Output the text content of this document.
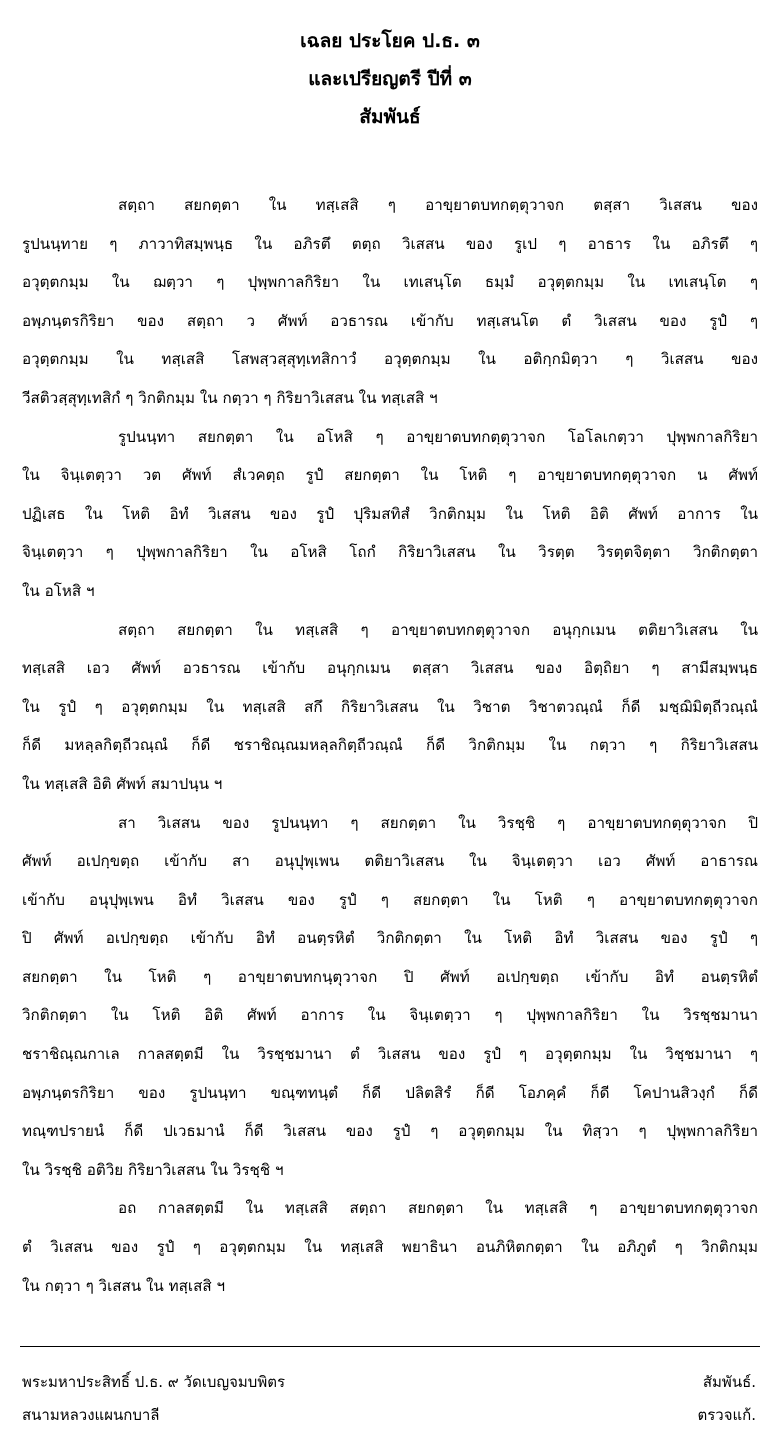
เฉลย ประโยค ป.ธ. ๓
และเปรียญตรี ปีที่ ๓
สัมพันธ์
สตฺถา สยกตฺตา ใน ทสฺเสสิ ๆ อาขฺยาตบทกตฺตุวาจก ตสฺสา วิเสสน ของ
รูปนนฺทาย ๆ ภาวาทิสมฺพนฺธ ใน อภิรตึ ตตฺถ วิเสสน ของ รูเป ๆ อาธาร ใน อภิรตึ ๆ
อวุตฺตกมฺม ใน ฌตฺวา ๆ ปุพฺพกาลกิริยา ใน เทเสนฺโต ธมฺมํ อวุตฺตกมฺม ใน เทเสนฺโต ๆ
อพฺภนฺตรกิริยา ของ สตฺถา ว ศัพท์ อวธารณ เข้ากับ ทสฺเสนโต ตํ วิเสสน ของ รูปํ ๆ
อวุตฺตกมฺม ใน ทสฺเสสิ โสพสฺวสฺสุทฺเทสิกาวํ อวุตฺตกมฺม ใน อติกฺกมิตฺวา ๆ วิเสสน ของ
วีสติวสฺสุทฺเทสิกํ ๆ วิกติกมฺม ใน กตฺวา ๆ กิริยาวิเสสน ใน ทสฺเสสิ ฯ
รูปนนฺทา สยกตฺตา ใน อโหสิ ๆ อาขฺยาตบทกตฺตุวาจก โอโลเกตฺวา ปุพฺพกาลกิริยา
ใน จินฺเตตฺวา วต ศัพท์ สํเวคตฺถ รูปํ สยกตฺตา ใน โหติ ๆ อาขฺยาตบทกตฺตุวาจก น ศัพท์
ปฏิเสธ ใน โหติ อิทํ วิเสสน ของ รูปํ ปุริมสทิสํ วิกติกมฺม ใน โหติ อิติ ศัพท์ อาการ ใน
จินฺเตตฺวา ๆ ปุพฺพกาลกิริยา ใน อโหสิ โถกํ กิริยาวิเสสน ใน วิรตฺต วิรตฺตจิตฺตา วิกติกตฺตา
ใน อโหสิ ฯ
สตฺถา สยกตฺตา ใน ทสฺเสสิ ๆ อาขฺยาตบทกตฺตุวาจก อนุกฺกเมน ตติยาวิเสสน ใน
ทสฺเสสิ เอว ศัพท์ อวธารณ เข้ากับ อนุกฺกเมน ตสฺสา วิเสสน ของ อิตฺถิยา ๆ สามีสมฺพนฺธ
ใน รูปํ ๆ อวุตฺตกมฺม ใน ทสฺเสสิ สกึ กิริยาวิเสสน ใน วิชาต วิชาตวณฺณํ ก็ดี มชฺฌิมิตฺถีวณฺณํ
ก็ดี มหลฺลกิตฺถีวณฺณํ ก็ดี ชราชิณฺณมหลฺลกิตฺถีวณฺณํ ก็ดี วิกติกมฺม ใน กตฺวา ๆ กิริยาวิเสสน
ใน ทสฺเสสิ อิติ ศัพท์ สมาปนฺน ฯ
สา วิเสสน ของ รูปนนฺทา ๆ สยกตฺตา ใน วิรชฺชิ ๆ อาขฺยาตบทกตฺตุวาจก ปิ
ศัพท์ อเปกฺขตฺถ เข้ากับ สา อนุปุพฺเพน ตติยาวิเสสน ใน จินฺเตตฺวา เอว ศัพท์ อาธารณ
เข้ากับ อนุปุพฺเพน อิทํ วิเสสน ของ รูปํ ๆ สยกตฺตา ใน โหติ ๆ อาขฺยาตบทกตฺตุวาจก
ปิ ศัพท์ อเปกฺขตฺถ เข้ากับ อิทํ อนตฺรหิตํ วิกติกตฺตา ใน โหติ อิทํ วิเสสน ของ รูปํ ๆ
สยกตฺตา ใน โหติ ๆ อาขฺยาตบทกนฺตุวาจก ปิ ศัพท์ อเปกฺขตฺถ เข้ากับ อิทํ อนตฺรหิตํ
วิกติกตฺตา ใน โหติ อิติ ศัพท์ อาการ ใน จินฺเตตฺวา ๆ ปุพฺพกาลกิริยา ใน วิรชฺชมานา
ชราชิณฺณกาเล กาลสตฺตมี ใน วิรชฺชมานา ตํ วิเสสน ของ รูปํ ๆ อวุตฺตกมฺม ใน วิชฺชมานา ๆ
อพฺภนฺตรกิริยา ของ รูปนนฺทา ขณฺฑทนฺตํ ก็ดี ปลิตสิรํ ก็ดี โอภคฺคํ ก็ดี โคปานสิวงฺกํ ก็ดี
ทณฺฑปรายนํ ก็ดี ปเวธมานํ ก็ดี วิเสสน ของ รูปํ ๆ อวุตฺตกมฺม ใน ทิสฺวา ๆ ปุพฺพกาลกิริยา
ใน วิรชฺชิ อติวิย กิริยาวิเสสน ใน วิรชฺชิ ฯ
อถ กาลสตฺตมี ใน ทสฺเสสิ สตฺถา สยกตฺตา ใน ทสฺเสสิ ๆ อาขฺยาตบทกตฺตุวาจก
ตํ วิเสสน ของ รูปํ ๆ อวุตฺตกมฺม ใน ทสฺเสสิ พยาธินา อนภิหิตกตฺตา ใน อภิภูตํ ๆ วิกติกมฺม
ใน กตฺวา ๆ วิเสสน ใน ทสฺเสสิ ฯ
พระมหาประสิทธิ์ ป.ธ. ๙ วัดเบญจมบพิตร	สัมพันธ์.
สนามหลวงแผนกบาลี	ตรวจแก้.
